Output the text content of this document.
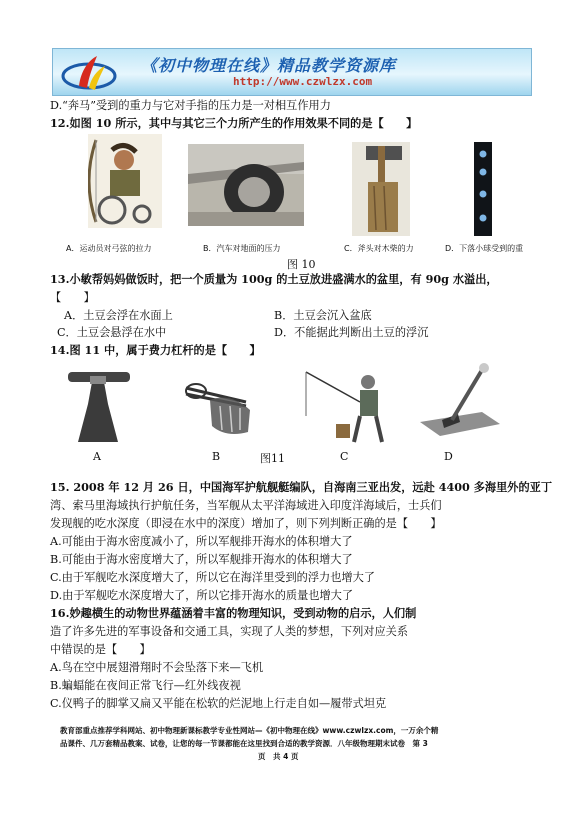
《初中物理在线》精品教学资源库
http://www.czwlzx.com
D.“奔马”受到的重力与它对手指的压力是一对相互作用力
12.如图 10 所示，其中与其它三个力所产生的作用效果不同的是【　　】
A．运动员对弓弦的拉力	B．汽车对地面的压力	C．斧头对木柴的力	D．下落小球受到的重
图 10
13.小敏帮妈妈做饭时，把一个质量为 100g 的土豆放进盛满水的盆里，有 90g 水溢出，
【　　】
A．土豆会浮在水面上	B．土豆会沉入盆底
C．土豆会悬浮在水中	D．不能据此判断出土豆的浮沉
14.图 11 中，属于费力杠杆的是【　　】
A	B	图11	C	D
15. 2008 年 12 月 26 日，中国海军护航舰艇编队，自海南三亚出发，远赴 4400 多海里外的亚丁
湾、索马里海域执行护航任务，当军舰从太平洋海域进入印度洋海域后，士兵们
发现舰的吃水深度（即浸在水中的深度）增加了，则下列判断正确的是【　　】
A.可能由于海水密度减小了，所以军舰排开海水的体积增大了
B.可能由于海水密度增大了，所以军舰排开海水的体积增大了
C.由于军舰吃水深度增大了，所以它在海洋里受到的浮力也增大了
D.由于军舰吃水深度增大了，所以它排开海水的质量也增大了
16.妙趣横生的动物世界蕴涵着丰富的物理知识，受到动物的启示，人们制
造了许多先进的军事设备和交通工具，实现了人类的梦想，下列对应关系
中错误的是【　　】
A.鸟在空中展翅滑翔时不会坠落下来—飞机
B.蝙蝠能在夜间正常飞行—红外线夜视
C.仪鸭子的脚掌又扁又平能在松软的烂泥地上行走自如—履带式坦克
教育部重点推荐学科网站、初中物理新课标教学专业性网站—《初中物理在线》www.czwlzx.com，一万余个精
品课件、几万套精品教案、试卷，让您的每一节课都能在这里找到合适的教学资源．八年级物理期末试卷　第 3
页　共 4 页
